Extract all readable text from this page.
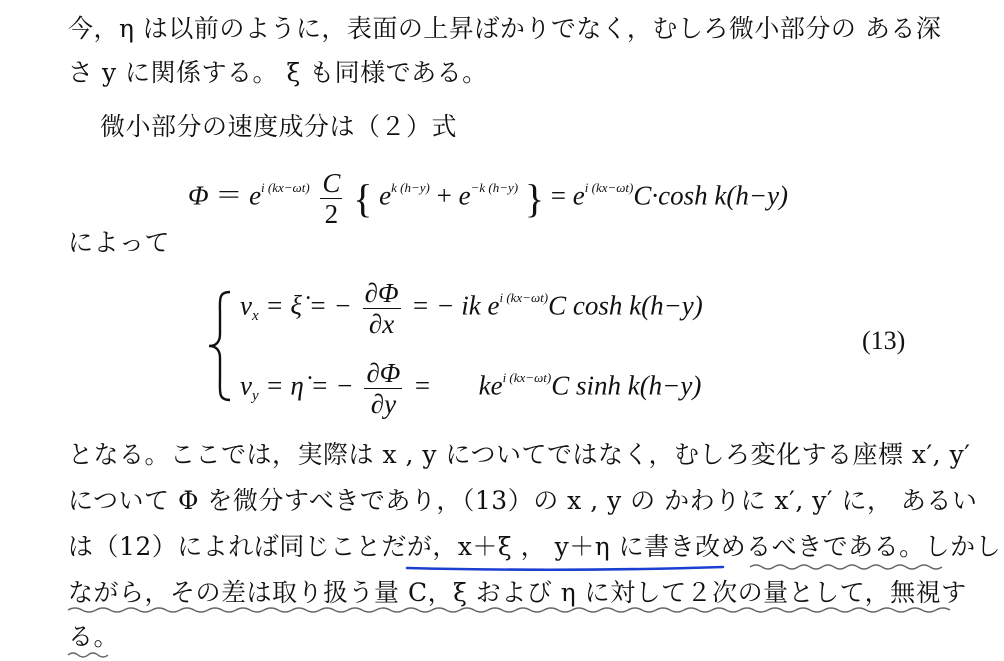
今，η は以前のように，表面の上昇ばかりでなく，むしろ微小部分の ある深
さ y に関係する。 ξ も同様である。
微小部分の速度成分は（２）式
$\Phi = e^{i (kx-\omega t)} \frac{C}{2}$ { $e^{k (h-y)} + e^{-k (h-y)}$ } = $e^{i (kx-\omega t)}C\cdot\cosh$ k(h−y)
によって
vx = ξ̇ = − $\frac{\partial\Phi}{\partial x}$ = − ik $e^{i (kx-\omega t)}C$ cosh k(h−y)
vy = η̇ = − $\frac{\partial\Phi}{\partial y}$ =       $ke^{i (kx-\omega t)}C$ sinh k(h−y)
(13)
となる。ここでは，実際は x , y についてではなく，むしろ変化する座標 x′, y′
について Φ を微分すべきであり，（13）の x , y の かわりに x′, y′ に， あるい
は（12）によれば同じことだが，x＋ξ ， y＋η に書き改めるべきである。しかし
ながら，その差は取り扱う量 C，ξ および η に対して２次の量として，無視す
る。
